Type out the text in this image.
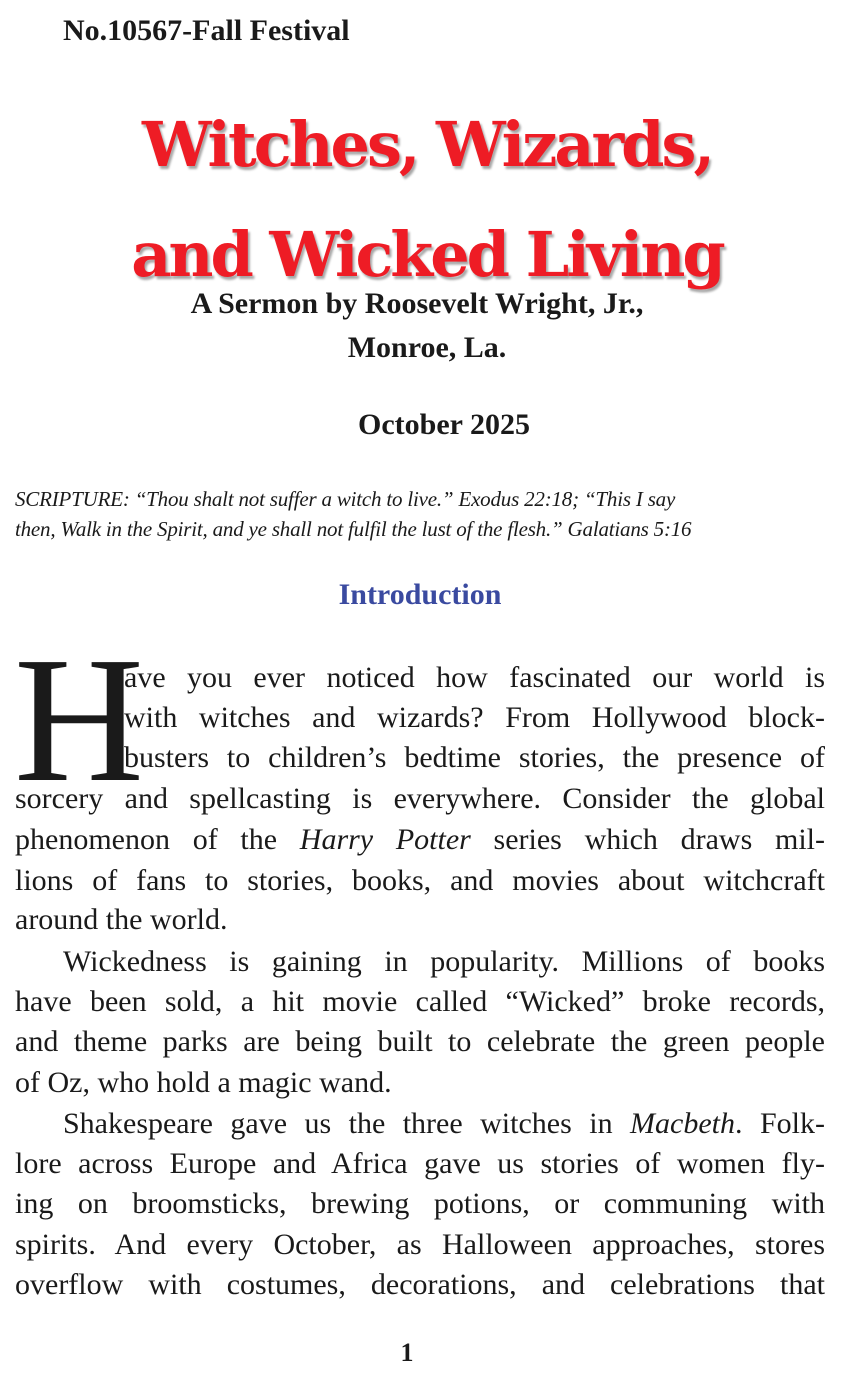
No.10567-Fall Festival
Witches, Wizards,
and Wicked Living
A Sermon by Roosevelt Wright, Jr.,
Monroe, La.
October 2025
SCRIPTURE: “Thou shalt not suffer a witch to live.” Exodus 22:18; “This I say
then, Walk in the Spirit, and ye shall not fulfil the lust of the flesh.” Galatians 5:16
Introduction
H
ave you ever noticed how fascinated our world is
with witches and wizards? From Hollywood block-
busters to children’s bedtime stories, the presence of
sorcery and spellcasting is everywhere. Consider the global
phenomenon of the Harry Potter series which draws mil-
lions of fans to stories, books, and movies about witchcraft
around the world.
Wickedness is gaining in popularity. Millions of books
have been sold, a hit movie called “Wicked” broke records,
and theme parks are being built to celebrate the green people
of Oz, who hold a magic wand.
Shakespeare gave us the three witches in Macbeth. Folk-
lore across Europe and Africa gave us stories of women fly-
ing on broomsticks, brewing potions, or communing with
spirits. And every October, as Halloween approaches, stores
overflow with costumes, decorations, and celebrations that
1
